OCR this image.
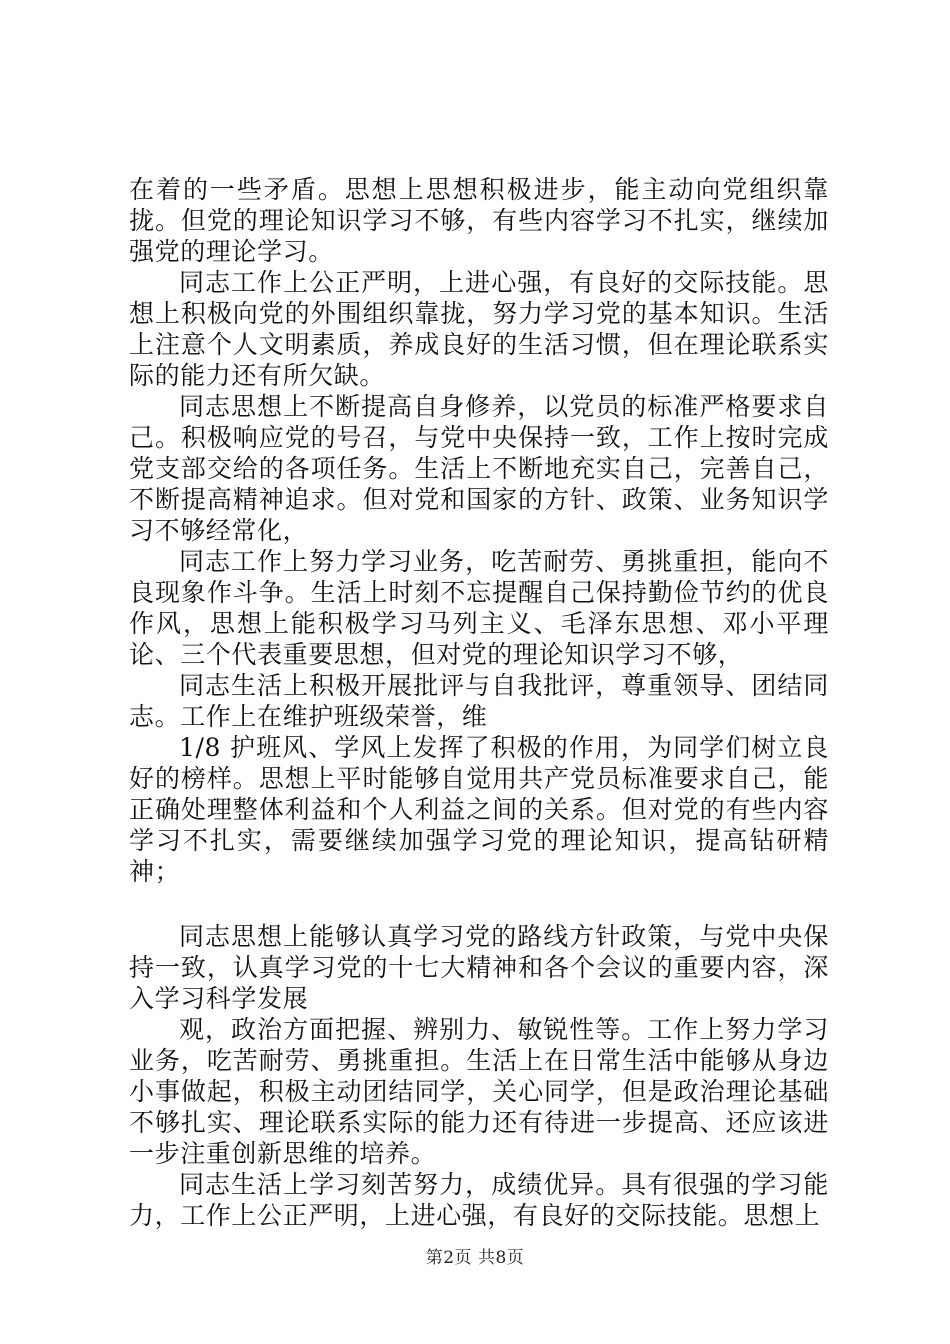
在着的一些矛盾。思想上思想积极进步，能主动向党组织靠拢。但党的理论知识学习不够，有些内容学习不扎实，继续加强党的理论学习。

同志工作上公正严明，上进心强，有良好的交际技能。思想上积极向党的外围组织靠拢，努力学习党的基本知识。生活上注意个人文明素质，养成良好的生活习惯，但在理论联系实际的能力还有所欠缺。

同志思想上不断提高自身修养，以党员的标准严格要求自己。积极响应党的号召，与党中央保持一致，工作上按时完成党支部交给的各项任务。生活上不断地充实自己，完善自己，不断提高精神追求。但对党和国家的方针、政策、业务知识学习不够经常化，

同志工作上努力学习业务，吃苦耐劳、勇挑重担，能向不良现象作斗争。生活上时刻不忘提醒自己保持勤俭节约的优良作风，思想上能积极学习马列主义、毛泽东思想、邓小平理论、三个代表重要思想，但对党的理论知识学习不够，

同志生活上积极开展批评与自我批评，尊重领导、团结同志。工作上在维护班级荣誉，维

1/8 护班风、学风上发挥了积极的作用，为同学们树立良好的榜样。思想上平时能够自觉用共产党员标准要求自己，能正确处理整体利益和个人利益之间的关系。但对党的有些内容学习不扎实，需要继续加强学习党的理论知识，提高钻研精神；

同志思想上能够认真学习党的路线方针政策，与党中央保持一致，认真学习党的十七大精神和各个会议的重要内容，深入学习科学发展

观，政治方面把握、辨别力、敏锐性等。工作上努力学习业务，吃苦耐劳、勇挑重担。生活上在日常生活中能够从身边小事做起，积极主动团结同学，关心同学，但是政治理论基础不够扎实、理论联系实际的能力还有待进一步提高、还应该进一步注重创新思维的培养。

同志生活上学习刻苦努力，成绩优异。具有很强的学习能力，工作上公正严明，上进心强，有良好的交际技能。思想上

第2页 共8页
